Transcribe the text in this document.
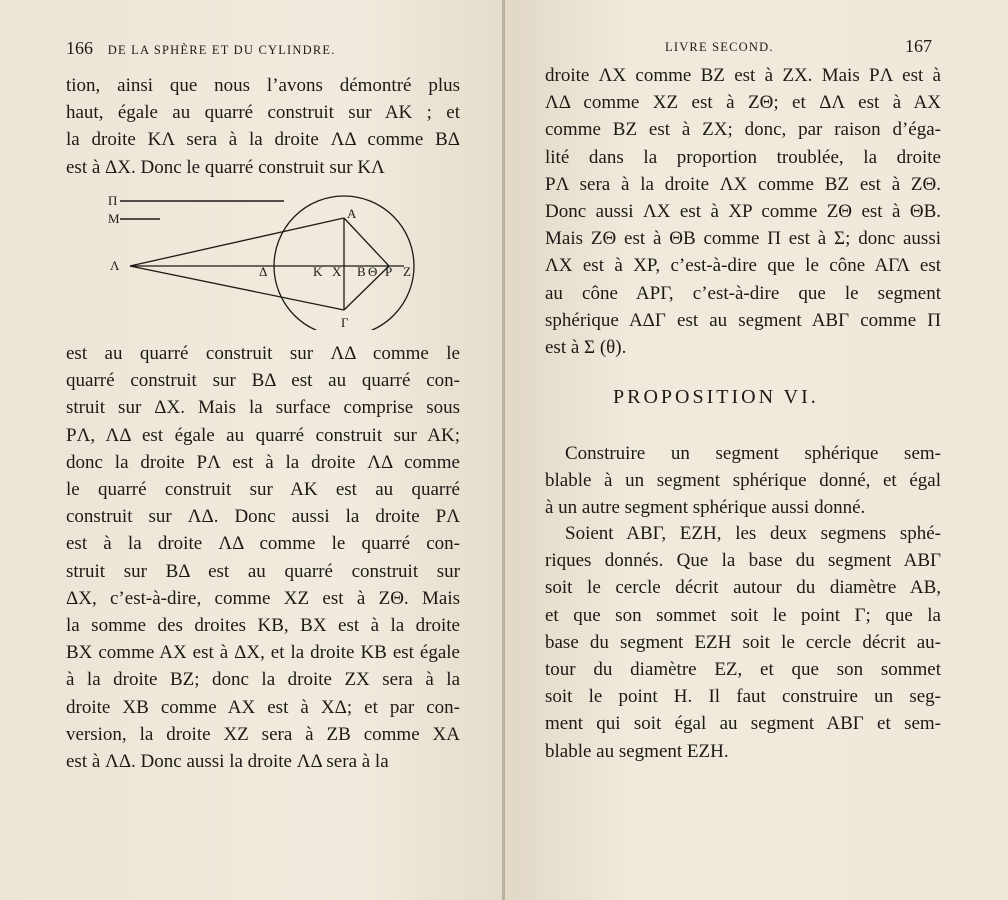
166 DE LA SPHÈRE ET DU CYLINDRE.
tion, ainsi que nous l’avons démontré plus
haut, égale au quarré construit sur AK ; et
la droite KΛ sera à la droite ΛΔ comme BΔ
est à ΔX. Donc le quarré construit sur KΛ
Π
M
Λ
A
Δ	K X B Θ P Z
Γ
est au quarré construit sur ΛΔ comme le
quarré construit sur BΔ est au quarré con-
struit sur ΔX. Mais la surface comprise sous
PΛ, ΛΔ est égale au quarré construit sur AK;
donc la droite PΛ est à la droite ΛΔ comme
le quarré construit sur AK est au quarré
construit sur ΛΔ. Donc aussi la droite PΛ
est à la droite ΛΔ comme le quarré con-
struit sur BΔ est au quarré construit sur
ΔX, c’est-à-dire, comme XZ est à ZΘ. Mais
la somme des droites KB, BX est à la droite
BX comme AX est à ΔX, et la droite KB est égale
à la droite BZ; donc la droite ZX sera à la
droite XB comme AX est à XΔ; et par con-
version, la droite XZ sera à ZB comme XA
est à ΛΔ. Donc aussi la droite ΛΔ sera à la
LIVRE SECOND.	167
droite ΛX comme BZ est à ZX. Mais PΛ est à
ΛΔ comme XZ est à ZΘ; et ΔΛ est à AX
comme BZ est à ZX; donc, par raison d’éga-
lité dans la proportion troublée, la droite
PΛ sera à la droite ΛX comme BZ est à ZΘ.
Donc aussi ΛX est à XP comme ZΘ est à ΘB.
Mais ZΘ est à ΘB comme Π est à Σ; donc aussi
ΛX est à XP, c’est-à-dire que le cône AΓΛ est
au cône APΓ, c’est-à-dire que le segment
sphérique AΔΓ est au segment ABΓ comme Π
est à Σ (θ).
PROPOSITION VI.
Construire un segment sphérique sem-
blable à un segment sphérique donné, et égal
à un autre segment sphérique aussi donné.
Soient ABΓ, EZH, les deux segmens sphé-
riques donnés. Que la base du segment ABΓ
soit le cercle décrit autour du diamètre AB,
et que son sommet soit le point Γ; que la
base du segment EZH soit le cercle décrit au-
tour du diamètre EZ, et que son sommet
soit le point H. Il faut construire un seg-
ment qui soit égal au segment ABΓ et sem-
blable au segment EZH.
